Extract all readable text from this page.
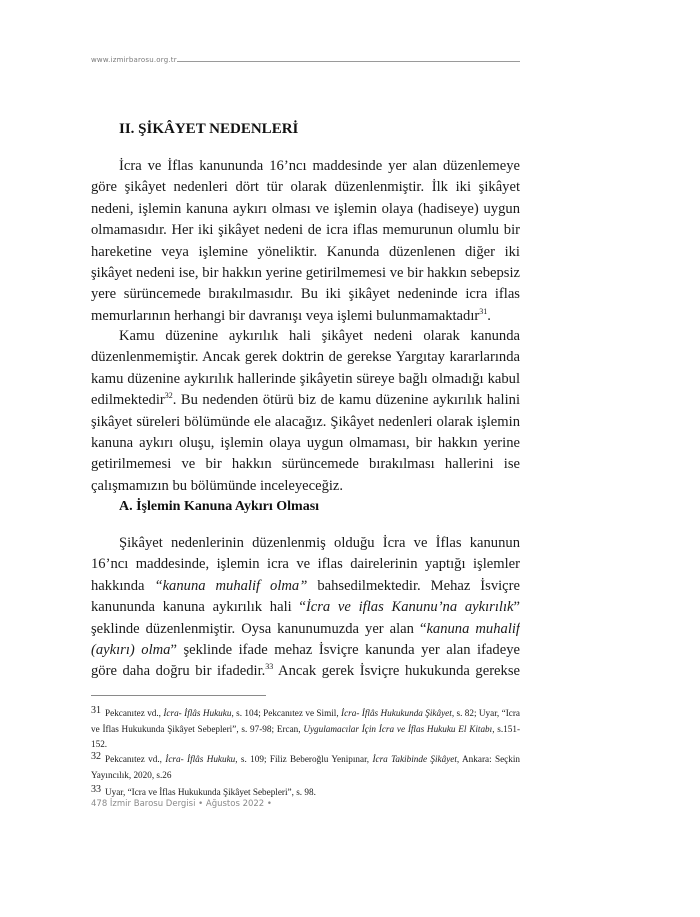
www.izmirbarosu.org.tr
II. ŞİKÂYET NEDENLERİ

İcra ve İflas kanununda 16’ncı maddesinde yer alan düzenlemeye göre şikâyet nedenleri dört tür olarak düzenlenmiştir. İlk iki şikâyet nedeni, işlemin kanuna aykırı olması ve işlemin olaya (hadiseye) uygun olmamasıdır. Her iki şikâyet nedeni de icra iflas memurunun olumlu bir hareketine veya işlemine yöneliktir. Kanunda düzenlenen diğer iki şikâyet nedeni ise, bir hakkın yerine getirilmemesi ve bir hakkın sebepsiz yere sürüncemede bırakılmasıdır. Bu iki şikâyet nedeninde icra iflas memurlarının herhangi bir davranışı veya işlemi bulunmamaktadır$^{31}$.

Kamu düzenine aykırılık hali şikâyet nedeni olarak kanunda düzenlenmemiştir. Ancak gerek doktrin de gerekse Yargıtay kararlarında kamu düzenine aykırılık hallerinde şikâyetin süreye bağlı olmadığı kabul edilmektedir$^{32}$. Bu nedenden ötürü biz de kamu düzenine aykırılık halini şikâyet süreleri bölümünde ele alacağız. Şikâyet nedenleri olarak işlemin kanuna aykırı oluşu, işlemin olaya uygun olmaması, bir hakkın yerine getirilmemesi ve bir hakkın sürüncemede bırakılması hallerini ise çalışmamızın bu bölümünde inceleyeceğiz.

A. İşlemin Kanuna Aykırı Olması

Şikâyet nedenlerinin düzenlenmiş olduğu İcra ve İflas kanunun 16’ncı maddesinde, işlemin icra ve iflas dairelerinin yaptığı işlemler hakkında “kanuna muhalif olma” bahsedilmektedir. Mehaz İsviçre kanununda kanuna aykırılık hali “İcra ve iflas Kanunu’na aykırılık” şeklinde düzenlenmiştir. Oysa kanunumuzda yer alan “kanuna muhalif (aykırı) olma” şeklinde ifade mehaz İsviçre kanunda yer alan ifadeye göre daha doğru bir ifadedir.$^{33}$ Ancak gerek İsviçre hukukunda gerekse

31 Pekcanıtez vd., İcra- İflâs Hukuku, s. 104; Pekcanıtez ve Simil, İcra- İflâs Hukukunda Şikâyet, s. 82; Uyar, “Icra ve İflas Hukukunda Şikâyet Sebepleri”, s. 97-98; Ercan, Uygulamacılar İçin İcra ve İflas Hukuku El Kitabı, s.151-152.

32 Pekcanıtez vd., İcra- İflâs Hukuku, s. 109; Filiz Beberoğlu Yenipınar, İcra Takibinde Şikâyet, Ankara: Seçkin Yayıncılık, 2020, s.26

33 Uyar, “Icra ve İflas Hukukunda Şikâyet Sebepleri”, s. 98.

478 İzmir Barosu Dergisi • Ağustos 2022 •
